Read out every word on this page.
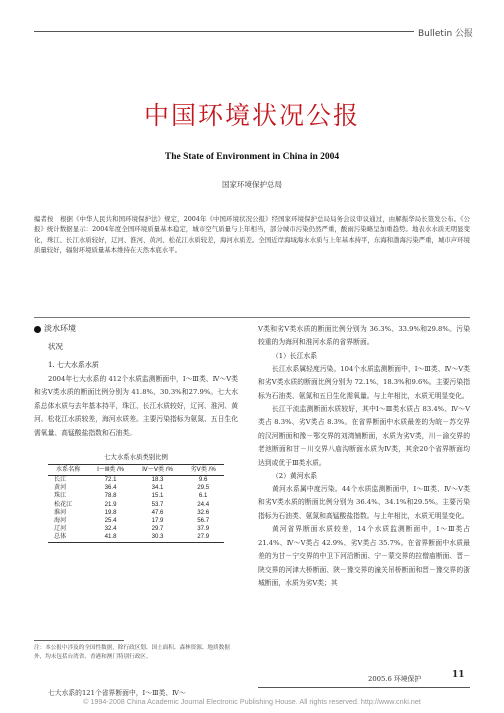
Bulletin 公报
中国环境状况公报
The State of Environment in China in 2004
国家环境保护总局
编者按　根据《中华人民共和国环境保护法》规定，2004年《中国环境状况公报》经国家环境保护总局局务会议审议通过，由解振华局长签发公布。《公报》统计数据显示：2004年度全国环境质量基本稳定，城市空气质量与上年相当，部分城市污染仍然严重，酸雨污染略呈加重趋势。地表水水质无明显变化，珠江、长江水质较好，辽河、淮河、黄河、松花江水质较差，海河水质差。全国近岸海域海水水质与上年基本持平，东海和渤海污染严重，城市声环境质量较好，辐射环境质量基本维持在天然本底水平。

淡水环境

状况

1. 七大水系水质

2004年七大水系的 412个水质监测断面中，Ⅰ～Ⅲ类、Ⅳ～Ⅴ类和劣Ⅴ类水质的断面比例分别为 41.8%、30.3%和27.9%。七大水系总体水质与去年基本持平，珠江、长江水质较好，辽河、淮河、黄河、松花江水质较差，海河水质差。主要污染指标为氨氮、五日生化需氧量、高锰酸盐指数和石油类。

七大水系水质类别比例
水系名称	Ⅰ～Ⅲ类 /%	Ⅳ～Ⅴ类 /%	劣Ⅴ类 /%
长江	72.1	18.3	9.6
黄河	36.4	34.1	29.5
珠江	78.8	15.1	6.1
松花江	21.9	53.7	24.4
淮河	19.8	47.6	32.6
海河	25.4	17.9	56.7
辽河	32.4	29.7	37.9
总体	41.8	30.3	27.9

七大水系的121个省界断面中，Ⅰ～Ⅲ类、Ⅳ～

Ⅴ类和劣Ⅴ类水质的断面比例分别为 36.3%、33.9%和29.8%。污染较重的为海河和淮河水系的省界断面。

（1）长江水系

长江水系属轻度污染。104个水质监测断面中，Ⅰ～Ⅲ类、Ⅳ～Ⅴ类和劣Ⅴ类水质的断面比例分别为 72.1%、18.3%和9.6%。主要污染指标为石油类、氨氮和五日生化需氧量。与上年相比，水质无明显变化。

长江干流监测断面水质较好，其中Ⅰ～Ⅲ类水质占 83.4%、Ⅳ～Ⅴ类占 8.3%、劣Ⅴ类占 8.3%。在省界断面中水质最差的为皖－苏交界的汉河断面和豫－鄂交界的刘湾铺断面，水质为劣Ⅴ类，川－渝交界的老池断面和甘－川交界八庙沟断面水质为Ⅳ类，其余20个省界断面均达到或优于Ⅲ类水质。

（2）黄河水系

黄河水系属中度污染。44个水质监测断面中，Ⅰ～Ⅲ类、Ⅳ～Ⅴ类和劣Ⅴ类水质的断面比例分别为 36.4%、34.1%和29.5%。主要污染指标为石油类、氨氮和高锰酸盐指数。与上年相比，水质无明显变化。

黄河省界断面水质较差，14个水质监测断面中，Ⅰ～Ⅲ类占 21.4%、Ⅳ～Ⅴ类占 42.9%、劣Ⅴ类占 35.7%。在省界断面中水质最差的为甘－宁交界的中卫下河沿断面、宁－蒙交界的拉僧庙断面、晋－陕交界的河津大桥断面、陕－豫交界的潼关吊桥断面和晋－豫交界的浙城断面，水质为劣Ⅴ类；其

注：本公报中涉及的全国性数据，除行政区划、国土面积、森林资源、地质数据外，均未包括台湾省、香港和澳门特别行政区。
2005.6 环境保护	11
© 1994-2008 China Academic Journal Electronic Publishing House. All rights reserved. http://www.cnki.net
